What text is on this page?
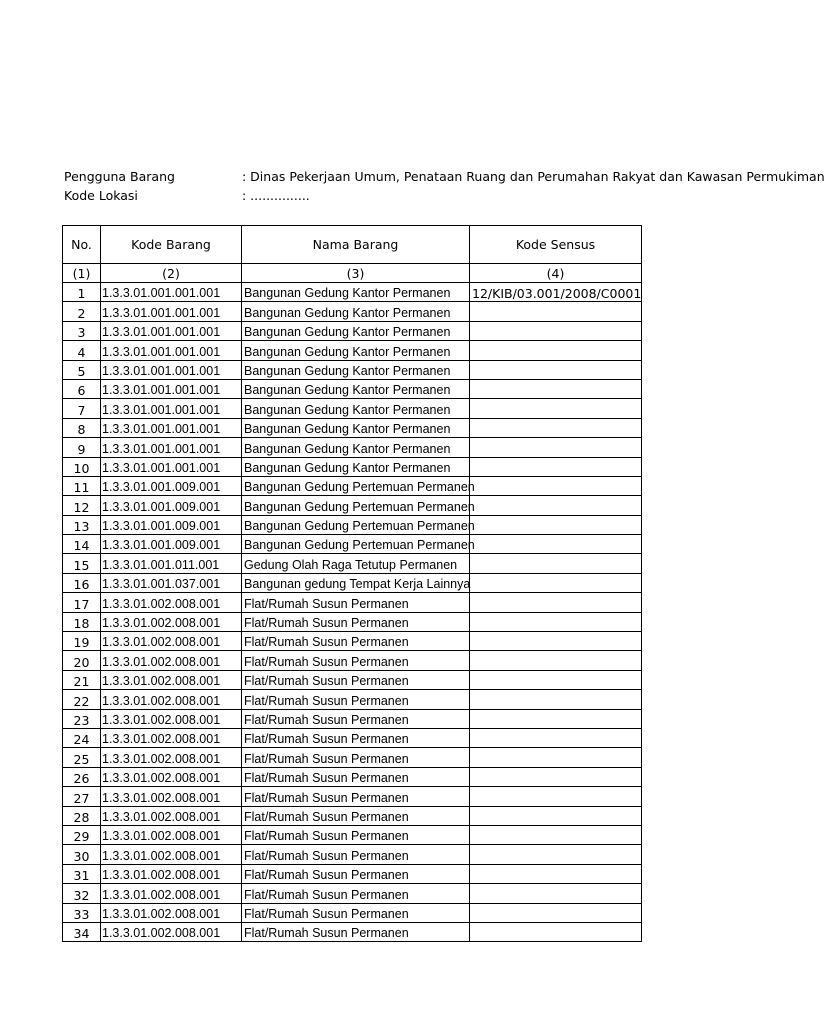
Pengguna Barang	: Dinas Pekerjaan Umum, Penataan Ruang dan Perumahan Rakyat dan Kawasan Permukiman
Kode Lokasi	: ...............
No.	Kode Barang	Nama Barang	Kode Sensus
(1)	(2)	(3)	(4)
1	1.3.3.01.001.001.001	Bangunan Gedung Kantor Permanen	12/KIB/03.001/2008/C0001
2	1.3.3.01.001.001.001	Bangunan Gedung Kantor Permanen	
3	1.3.3.01.001.001.001	Bangunan Gedung Kantor Permanen	
4	1.3.3.01.001.001.001	Bangunan Gedung Kantor Permanen	
5	1.3.3.01.001.001.001	Bangunan Gedung Kantor Permanen	
6	1.3.3.01.001.001.001	Bangunan Gedung Kantor Permanen	
7	1.3.3.01.001.001.001	Bangunan Gedung Kantor Permanen	
8	1.3.3.01.001.001.001	Bangunan Gedung Kantor Permanen	
9	1.3.3.01.001.001.001	Bangunan Gedung Kantor Permanen	
10	1.3.3.01.001.001.001	Bangunan Gedung Kantor Permanen	
11	1.3.3.01.001.009.001	Bangunan Gedung Pertemuan Permanen	
12	1.3.3.01.001.009.001	Bangunan Gedung Pertemuan Permanen	
13	1.3.3.01.001.009.001	Bangunan Gedung Pertemuan Permanen	
14	1.3.3.01.001.009.001	Bangunan Gedung Pertemuan Permanen	
15	1.3.3.01.001.011.001	Gedung Olah Raga Tetutup Permanen	
16	1.3.3.01.001.037.001	Bangunan gedung Tempat Kerja Lainnya	
17	1.3.3.01.002.008.001	Flat/Rumah Susun Permanen	
18	1.3.3.01.002.008.001	Flat/Rumah Susun Permanen	
19	1.3.3.01.002.008.001	Flat/Rumah Susun Permanen	
20	1.3.3.01.002.008.001	Flat/Rumah Susun Permanen	
21	1.3.3.01.002.008.001	Flat/Rumah Susun Permanen	
22	1.3.3.01.002.008.001	Flat/Rumah Susun Permanen	
23	1.3.3.01.002.008.001	Flat/Rumah Susun Permanen	
24	1.3.3.01.002.008.001	Flat/Rumah Susun Permanen	
25	1.3.3.01.002.008.001	Flat/Rumah Susun Permanen	
26	1.3.3.01.002.008.001	Flat/Rumah Susun Permanen	
27	1.3.3.01.002.008.001	Flat/Rumah Susun Permanen	
28	1.3.3.01.002.008.001	Flat/Rumah Susun Permanen	
29	1.3.3.01.002.008.001	Flat/Rumah Susun Permanen	
30	1.3.3.01.002.008.001	Flat/Rumah Susun Permanen	
31	1.3.3.01.002.008.001	Flat/Rumah Susun Permanen	
32	1.3.3.01.002.008.001	Flat/Rumah Susun Permanen	
33	1.3.3.01.002.008.001	Flat/Rumah Susun Permanen	
34	1.3.3.01.002.008.001	Flat/Rumah Susun Permanen	
